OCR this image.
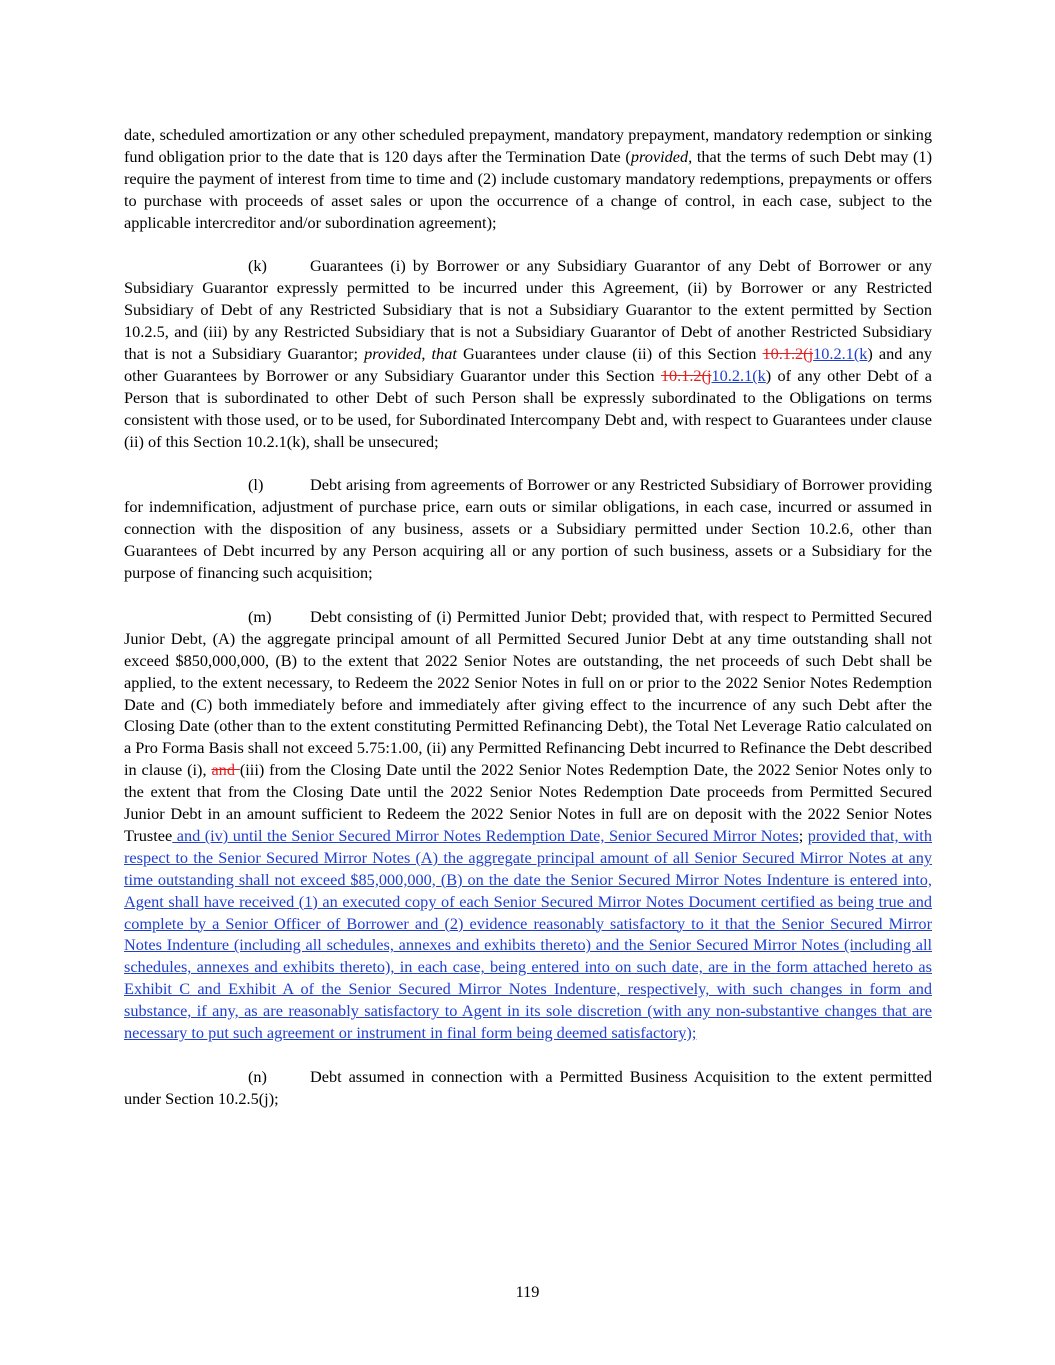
date, scheduled amortization or any other scheduled prepayment, mandatory prepayment, mandatory redemption or sinking fund obligation prior to the date that is 120 days after the Termination Date (provided, that the terms of such Debt may (1) require the payment of interest from time to time and (2) include customary mandatory redemptions, prepayments or offers to purchase with proceeds of asset sales or upon the occurrence of a change of control, in each case, subject to the applicable intercreditor and/or subordination agreement);

(k)	Guarantees (i) by Borrower or any Subsidiary Guarantor of any Debt of Borrower or any Subsidiary Guarantor expressly permitted to be incurred under this Agreement, (ii) by Borrower or any Restricted Subsidiary of Debt of any Restricted Subsidiary that is not a Subsidiary Guarantor to the extent permitted by Section 10.2.5, and (iii) by any Restricted Subsidiary that is not a Subsidiary Guarantor of Debt of another Restricted Subsidiary that is not a Subsidiary Guarantor; provided, that Guarantees under clause (ii) of this Section 10.1.2(j10.2.1(k) and any other Guarantees by Borrower or any Subsidiary Guarantor under this Section 10.1.2(j10.2.1(k) of any other Debt of a Person that is subordinated to other Debt of such Person shall be expressly subordinated to the Obligations on terms consistent with those used, or to be used, for Subordinated Intercompany Debt and, with respect to Guarantees under clause (ii) of this Section 10.2.1(k), shall be unsecured;

(l)	Debt arising from agreements of Borrower or any Restricted Subsidiary of Borrower providing for indemnification, adjustment of purchase price, earn outs or similar obligations, in each case, incurred or assumed in connection with the disposition of any business, assets or a Subsidiary permitted under Section 10.2.6, other than Guarantees of Debt incurred by any Person acquiring all or any portion of such business, assets or a Subsidiary for the purpose of financing such acquisition;

(m) Debt consisting of (i) Permitted Junior Debt; provided that, with respect to Permitted Secured Junior Debt, (A) the aggregate principal amount of all Permitted Secured Junior Debt at any time outstanding shall not exceed $850,000,000, (B) to the extent that 2022 Senior Notes are outstanding, the net proceeds of such Debt shall be applied, to the extent necessary, to Redeem the 2022 Senior Notes in full on or prior to the 2022 Senior Notes Redemption Date and (C) both immediately before and immediately after giving effect to the incurrence of any such Debt after the Closing Date (other than to the extent constituting Permitted Refinancing Debt), the Total Net Leverage Ratio calculated on a Pro Forma Basis shall not exceed 5.75:1.00, (ii) any Permitted Refinancing Debt incurred to Refinance the Debt described in clause (i), and (iii) from the Closing Date until the 2022 Senior Notes Redemption Date, the 2022 Senior Notes only to the extent that from the Closing Date until the 2022 Senior Notes Redemption Date proceeds from Permitted Secured Junior Debt in an amount sufficient to Redeem the 2022 Senior Notes in full are on deposit with the 2022 Senior Notes Trustee and (iv) until the Senior Secured Mirror Notes Redemption Date, Senior Secured Mirror Notes; provided that, with respect to the Senior Secured Mirror Notes (A) the aggregate principal amount of all Senior Secured Mirror Notes at any time outstanding shall not exceed $85,000,000, (B) on the date the Senior Secured Mirror Notes Indenture is entered into, Agent shall have received (1) an executed copy of each Senior Secured Mirror Notes Document certified as being true and complete by a Senior Officer of Borrower and (2) evidence reasonably satisfactory to it that the Senior Secured Mirror Notes Indenture (including all schedules, annexes and exhibits thereto) and the Senior Secured Mirror Notes (including all schedules, annexes and exhibits thereto), in each case, being entered into on such date, are in the form attached hereto as Exhibit C and Exhibit A of the Senior Secured Mirror Notes Indenture, respectively, with such changes in form and substance, if any, as are reasonably satisfactory to Agent in its sole discretion (with any non-substantive changes that are necessary to put such agreement or instrument in final form being deemed satisfactory);

(n)	Debt assumed in connection with a Permitted Business Acquisition to the extent permitted under Section 10.2.5(j);

119
